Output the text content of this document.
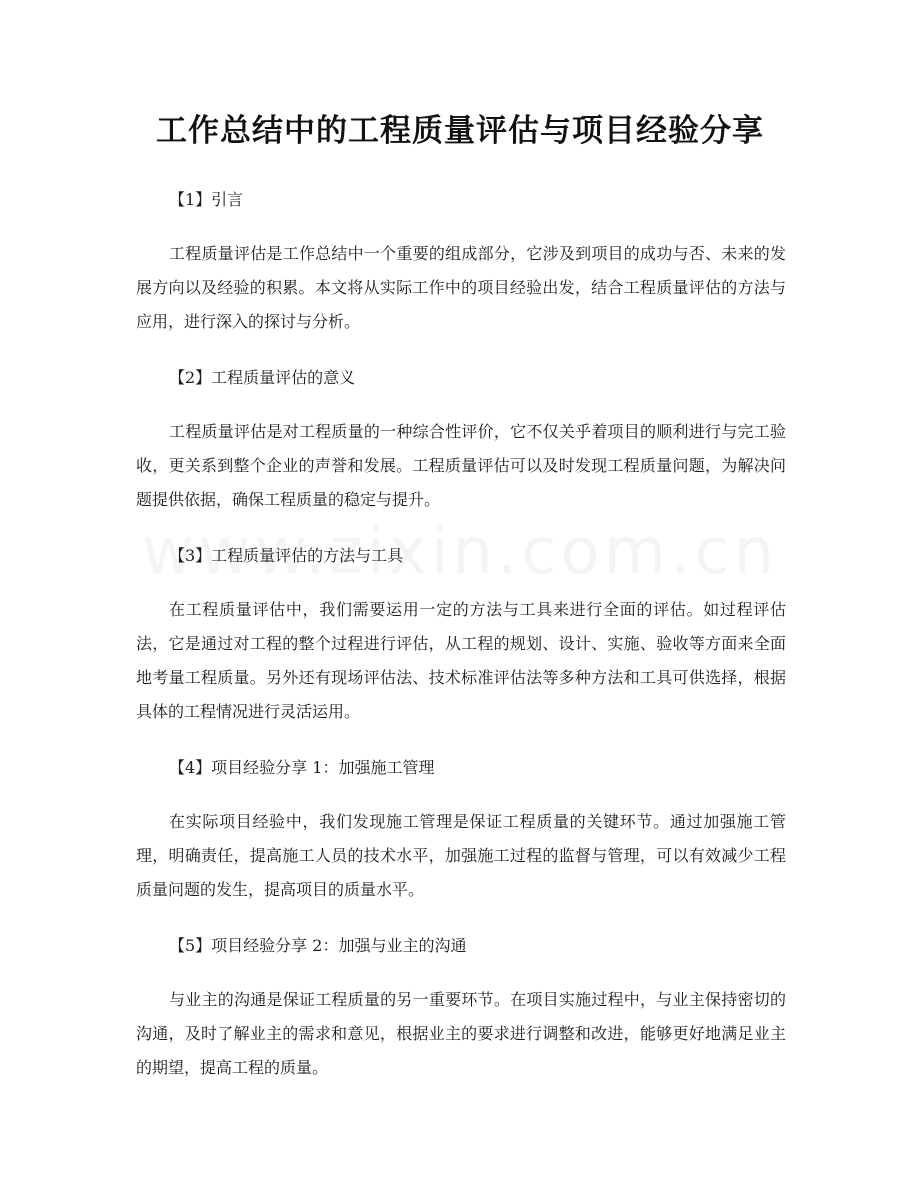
工作总结中的工程质量评估与项目经验分享

【1】引言

工程质量评估是工作总结中一个重要的组成部分，它涉及到项目的成功与否、未来的发展方向以及经验的积累。本文将从实际工作中的项目经验出发，结合工程质量评估的方法与应用，进行深入的探讨与分析。

【2】工程质量评估的意义

工程质量评估是对工程质量的一种综合性评价，它不仅关乎着项目的顺利进行与完工验收，更关系到整个企业的声誉和发展。工程质量评估可以及时发现工程质量问题，为解决问题提供依据，确保工程质量的稳定与提升。

【3】工程质量评估的方法与工具

在工程质量评估中，我们需要运用一定的方法与工具来进行全面的评估。如过程评估法，它是通过对工程的整个过程进行评估，从工程的规划、设计、实施、验收等方面来全面地考量工程质量。另外还有现场评估法、技术标准评估法等多种方法和工具可供选择，根据具体的工程情况进行灵活运用。

【4】项目经验分享 1：加强施工管理

在实际项目经验中，我们发现施工管理是保证工程质量的关键环节。通过加强施工管理，明确责任，提高施工人员的技术水平，加强施工过程的监督与管理，可以有效减少工程质量问题的发生，提高项目的质量水平。

【5】项目经验分享 2：加强与业主的沟通

与业主的沟通是保证工程质量的另一重要环节。在项目实施过程中，与业主保持密切的沟通，及时了解业主的需求和意见，根据业主的要求进行调整和改进，能够更好地满足业主的期望，提高工程的质量。
